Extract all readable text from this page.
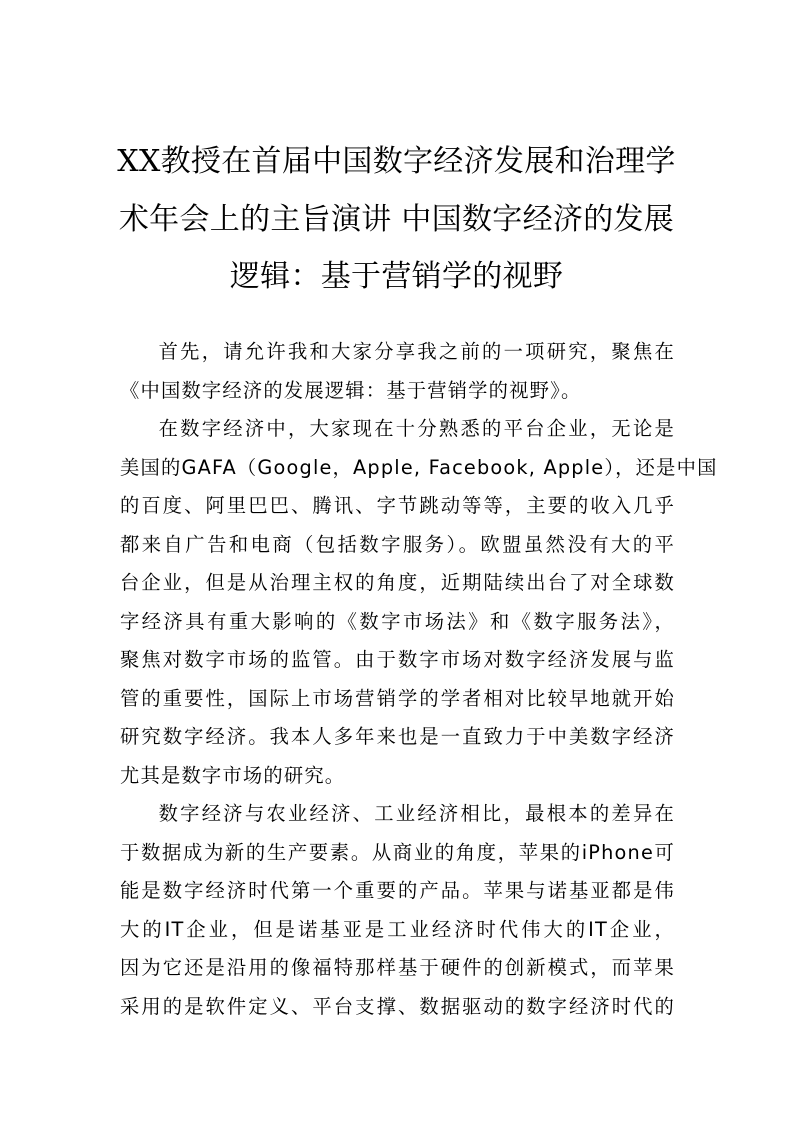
XX教授在首届中国数字经济发展和治理学
术年会上的主旨演讲 中国数字经济的发展
逻辑：基于营销学的视野

首先，请允许我和大家分享我之前的一项研究，聚焦在
《中国数字经济的发展逻辑：基于营销学的视野》。

在数字经济中，大家现在十分熟悉的平台企业，无论是
美国的GAFA（Google，Apple, Facebook, Apple），还是中国
的百度、阿里巴巴、腾讯、字节跳动等等，主要的收入几乎
都来自广告和电商（包括数字服务）。欧盟虽然没有大的平
台企业，但是从治理主权的角度，近期陆续出台了对全球数
字经济具有重大影响的《数字市场法》和《数字服务法》，
聚焦对数字市场的监管。由于数字市场对数字经济发展与监
管的重要性，国际上市场营销学的学者相对比较早地就开始
研究数字经济。我本人多年来也是一直致力于中美数字经济
尤其是数字市场的研究。

数字经济与农业经济、工业经济相比，最根本的差异在
于数据成为新的生产要素。从商业的角度，苹果的iPhone可
能是数字经济时代第一个重要的产品。苹果与诺基亚都是伟
大的IT企业，但是诺基亚是工业经济时代伟大的IT企业，
因为它还是沿用的像福特那样基于硬件的创新模式，而苹果
采用的是软件定义、平台支撑、数据驱动的数字经济时代的
